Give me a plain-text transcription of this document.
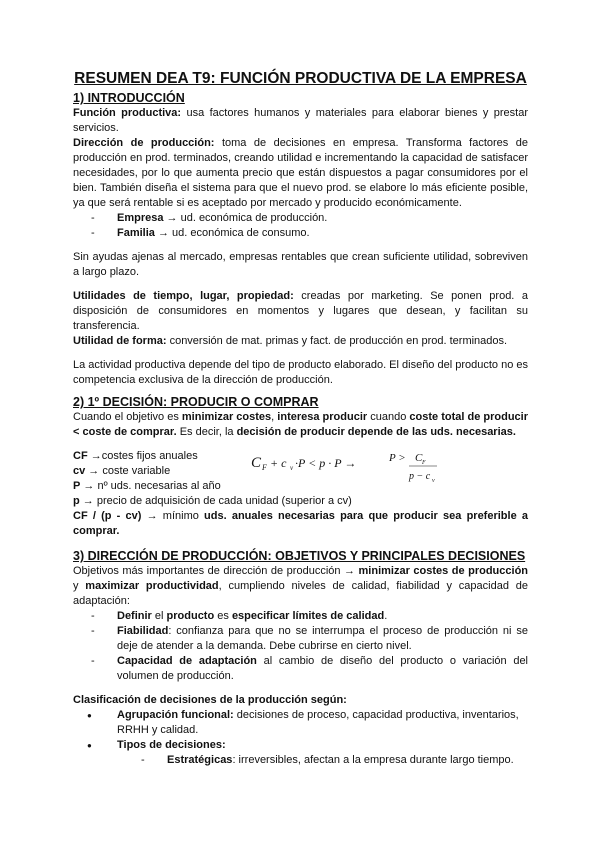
RESUMEN DEA T9: FUNCIÓN PRODUCTIVA DE LA EMPRESA
1) INTRODUCCIÓN

Función productiva: usa factores humanos y materiales para elaborar bienes y prestar servicios.

Dirección de producción: toma de decisiones en empresa. Transforma factores de producción en prod. terminados, creando utilidad e incrementando la capacidad de satisfacer necesidades, por lo que aumenta precio que están dispuestos a pagar consumidores por el bien. También diseña el sistema para que el nuevo prod. se elabore lo más eficiente posible, ya que será rentable si es aceptado por mercado y producido económicamente.

- Empresa → ud. económica de producción.
- Familia → ud. económica de consumo.

Sin ayudas ajenas al mercado, empresas rentables que crean suficiente utilidad, sobreviven a largo plazo.

Utilidades de tiempo, lugar, propiedad: creadas por marketing. Se ponen prod. a disposición de consumidores en momentos y lugares que desean, y facilitan su transferencia.

Utilidad de forma: conversión de mat. primas y fact. de producción en prod. terminados.

La actividad productiva depende del tipo de producto elaborado. El diseño del producto no es competencia exclusiva de la dirección de producción.

2) 1º DECISIÓN: PRODUCIR O COMPRAR

Cuando el objetivo es minimizar costes, interesa producir cuando coste total de producir < coste de comprar. Es decir, la decisión de producir depende de las uds. necesarias.

CF →costes fijos anuales
cv → coste variable
P → nº uds. necesarias al año
p → precio de adquisición de cada unidad (superior a cv)
C F + c v ·P < p · P →	P > C F
p − c v

CF / (p - cv) → mínimo uds. anuales necesarias para que producir sea preferible a comprar.

3) DIRECCIÓN DE PRODUCCIÓN: OBJETIVOS Y PRINCIPALES DECISIONES

Objetivos más importantes de dirección de producción → minimizar costes de producción y maximizar productividad, cumpliendo niveles de calidad, fiabilidad y capacidad de adaptación:

- Definir el producto es especificar límites de calidad.
- Fiabilidad: confianza para que no se interrumpa el proceso de producción ni se deje de atender a la demanda. Debe cubrirse en cierto nivel.
- Capacidad de adaptación al cambio de diseño del producto o variación del volumen de producción.

Clasificación de decisiones de la producción según:

● Agrupación funcional: decisiones de proceso, capacidad productiva, inventarios, RRHH y calidad.
● Tipos de decisiones:
- Estratégicas: irreversibles, afectan a la empresa durante largo tiempo.
